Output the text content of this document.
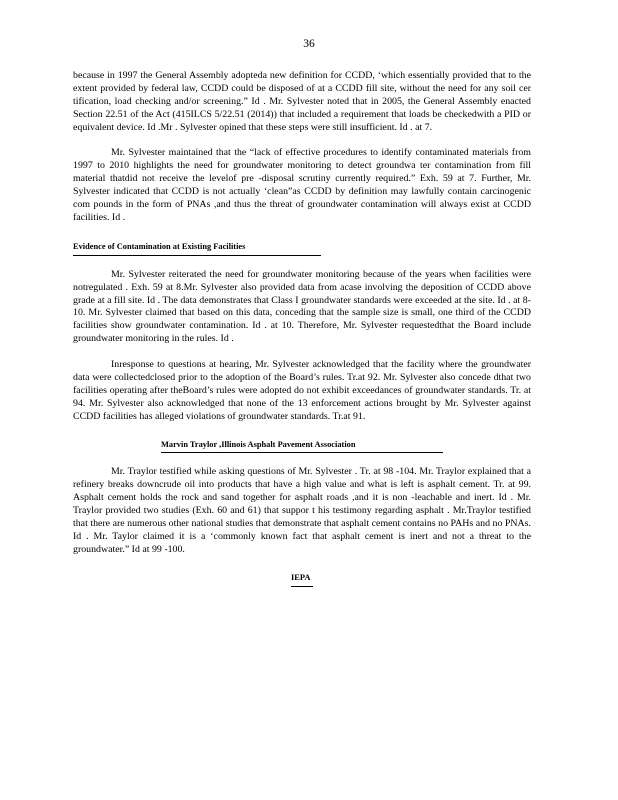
36

because in 1997 the General Assembly adopteda new definition for CCDD, ‘which essentially provided that to the extent provided by federal law, CCDD could be disposed of at a CCDD fill site, without the need for any soil cer tification, load checking and/or screening.” Id . Mr. Sylvester noted that in 2005, the General Assembly enacted Section 22.51 of the Act (415ILCS 5/22.51 (2014)) that included a requirement that loads be checkedwith a PID or equivalent device. Id .Mr . Sylvester opined that these steps were still insufficient. Id . at 7.

Mr. Sylvester maintained that the “lack of effective procedures to identify contaminated materials from 1997 to 2010 highlights the need for groundwater monitoring to detect groundwa ter contamination from fill material thatdid not receive the levelof pre -disposal scrutiny currently required.” Exh. 59 at 7. Further, Mr. Sylvester indicated that CCDD is not actually ‘clean”as CCDD by definition may lawfully contain carcinogenic com pounds in the form of PNAs ,and thus the threat of groundwater contamination will always exist at CCDD facilities. Id .

Evidence of Contamination at Existing Facilities

Mr. Sylvester reiterated the need for groundwater monitoring because of the years when facilities were notregulated . Exh. 59 at 8.Mr. Sylvester also provided data from acase involving the deposition of CCDD above grade at a fill site. Id . The data demonstrates that Class I groundwater standards were exceeded at the site. Id . at 8-10. Mr. Sylvester claimed that based on this data, conceding that the sample size is small, one third of the CCDD facilities show groundwater contamination. Id . at 10. Therefore, Mr. Sylvester requestedthat the Board include groundwater monitoring in the rules. Id .

Inresponse to questions at hearing, Mr. Sylvester acknowledged that the facility where the groundwater data were collectedclosed prior to the adoption of the Board’s rules. Tr.at 92. Mr. Sylvester also concede dthat two facilities operating after theBoard’s rules were adopted do not exhibit exceedances of groundwater standards. Tr. at 94. Mr. Sylvester also acknowledged that none of the 13 enforcement actions brought by Mr. Sylvester against CCDD facilities has alleged violations of groundwater standards. Tr.at 91.

Marvin Traylor ,Illinois Asphalt Pavement Association

Mr. Traylor testified while asking questions of Mr. Sylvester . Tr. at 98 -104. Mr. Traylor explained that a refinery breaks downcrude oil into products that have a high value and what is left is asphalt cement. Tr. at 99. Asphalt cement holds the rock and sand together for asphalt roads ,and it is non -leachable and inert. Id . Mr. Traylor provided two studies (Exh. 60 and 61) that suppor t his testimony regarding asphalt . Mr.Traylor testified that there are numerous other national studies that demonstrate that asphalt cement contains no PAHs and no PNAs. Id . Mr. Taylor claimed it is a ‘commonly known fact that asphalt cement is inert and not a threat to the groundwater.” Id at 99 -100.

IEPA
